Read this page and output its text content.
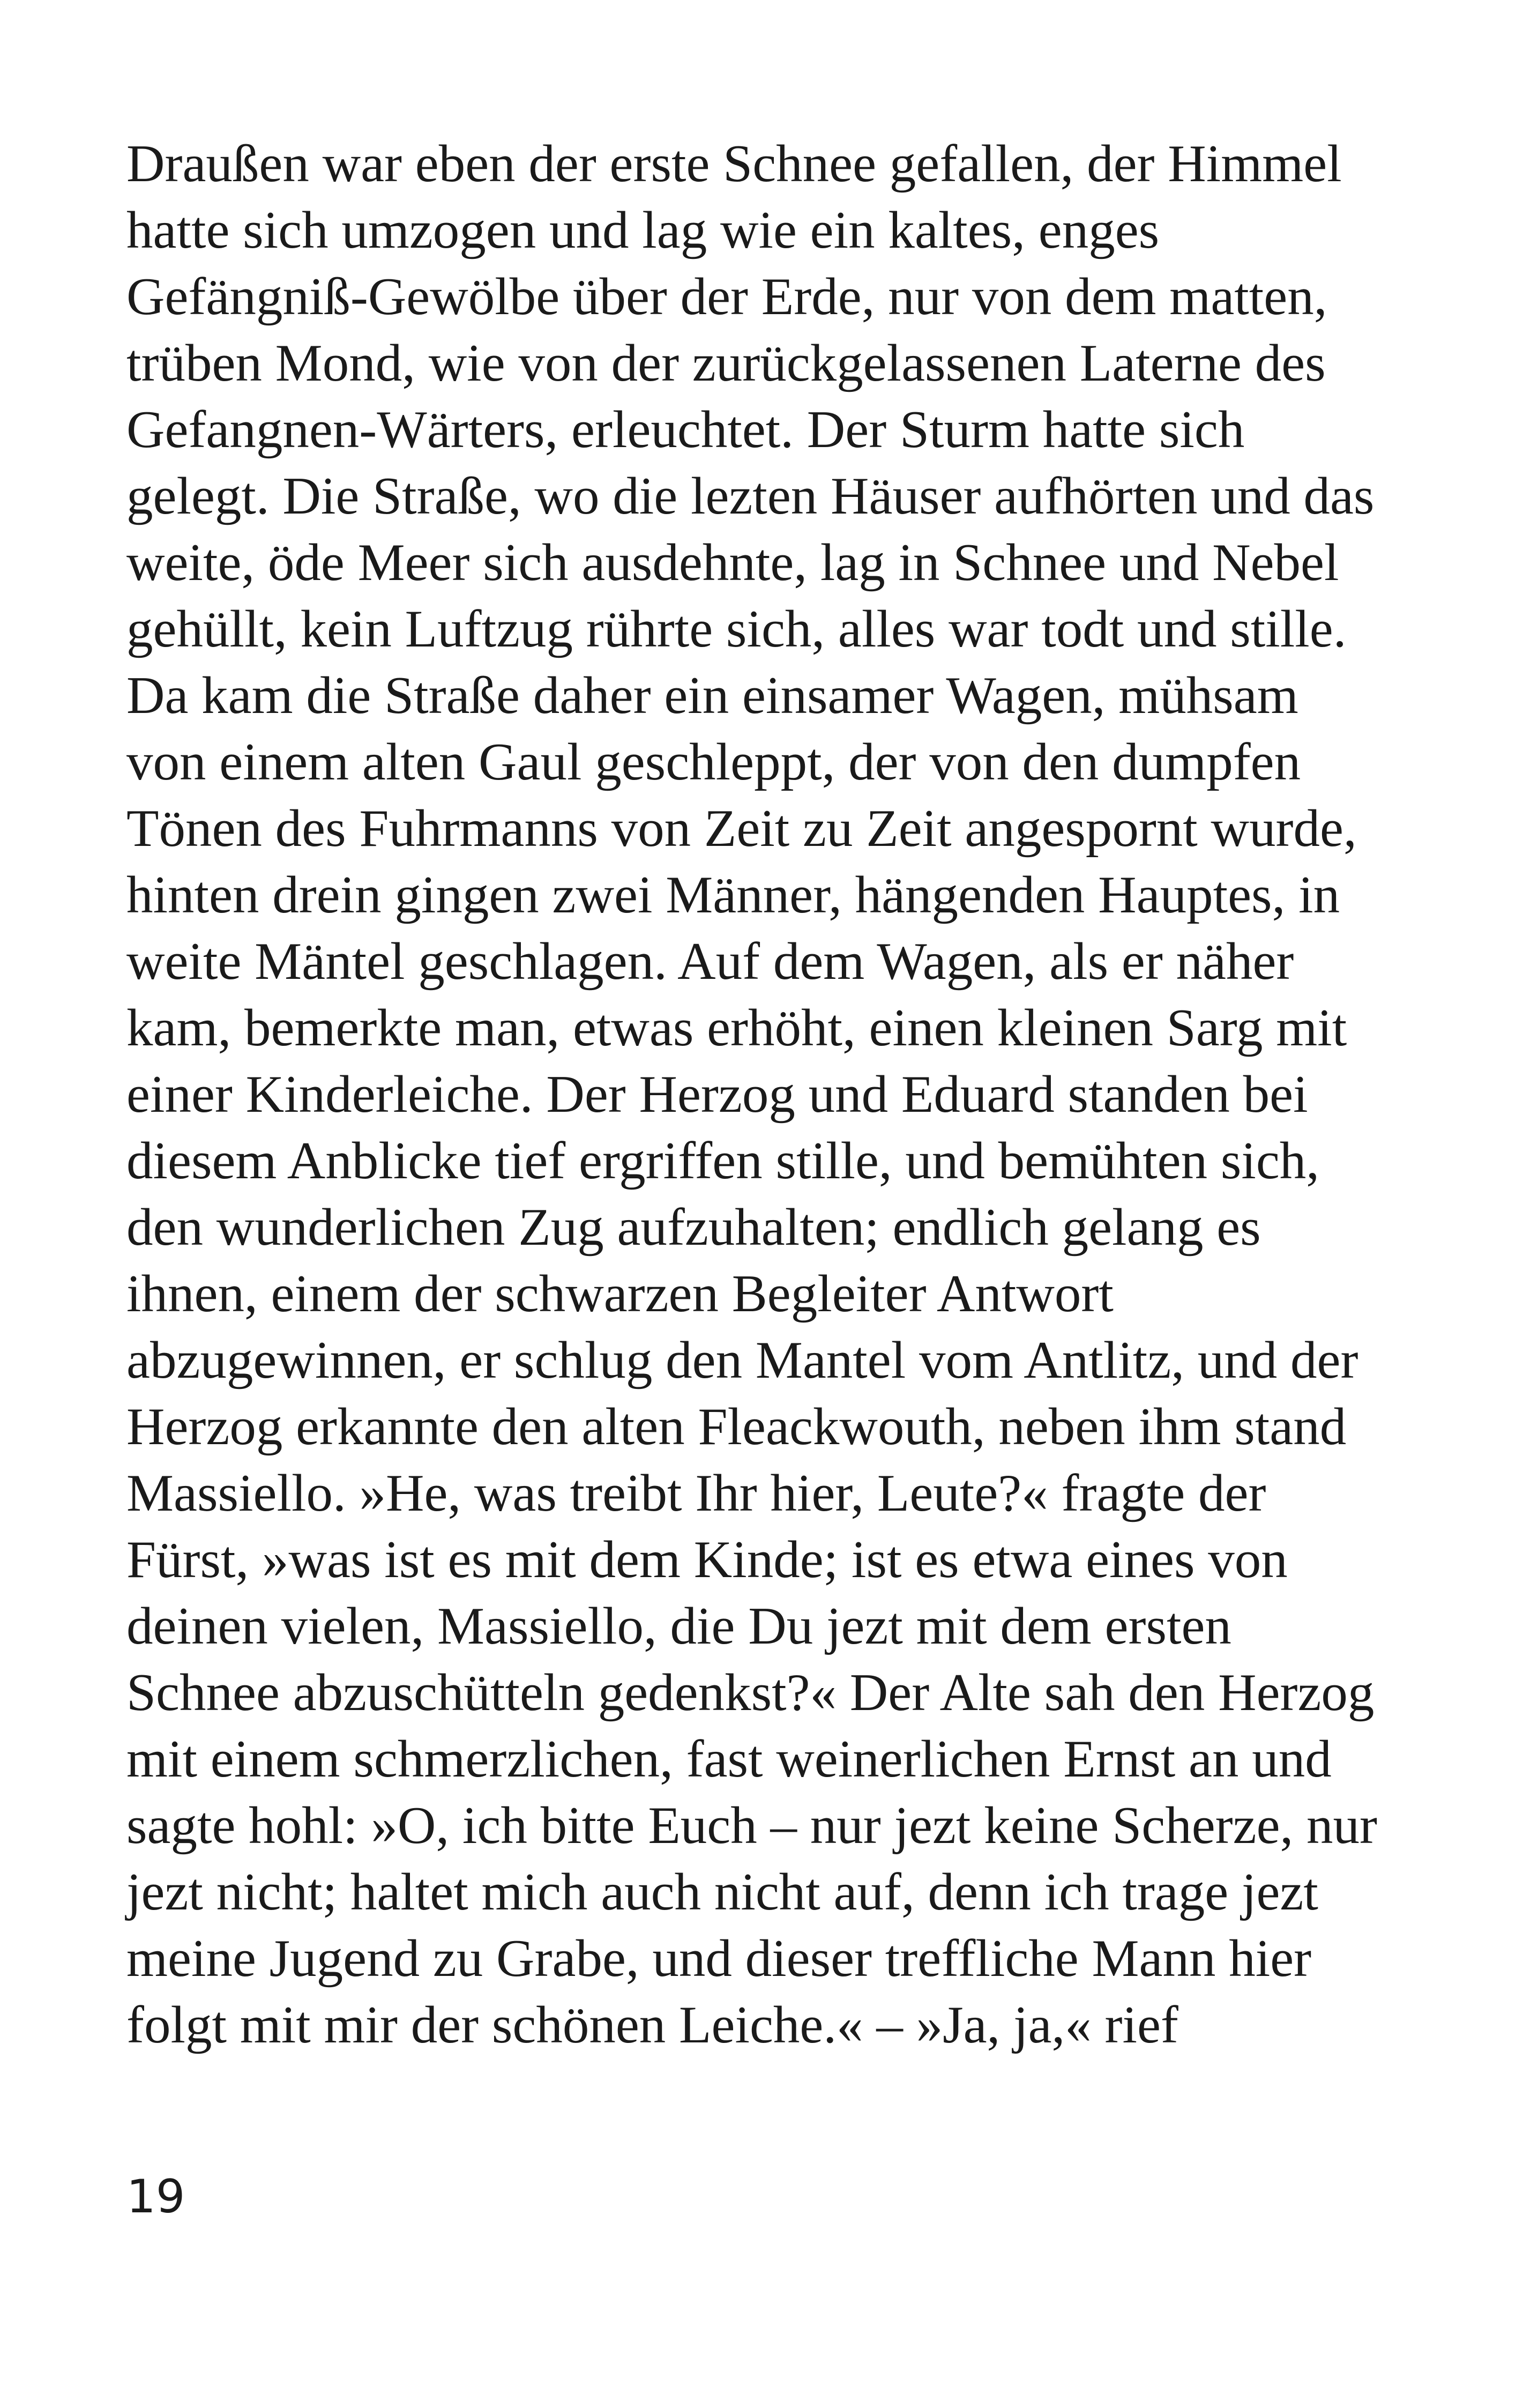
Draußen war eben der erste Schnee gefallen, der Himmel
hatte sich umzogen und lag wie ein kaltes, enges
Gefängniß-Gewölbe über der Erde, nur von dem matten,
trüben Mond, wie von der zurückgelassenen Laterne des
Gefangnen-Wärters, erleuchtet. Der Sturm hatte sich
gelegt. Die Straße, wo die lezten Häuser aufhörten und das
weite, öde Meer sich ausdehnte, lag in Schnee und Nebel
gehüllt, kein Luftzug rührte sich, alles war todt und stille.
Da kam die Straße daher ein einsamer Wagen, mühsam
von einem alten Gaul geschleppt, der von den dumpfen
Tönen des Fuhrmanns von Zeit zu Zeit angespornt wurde,
hinten drein gingen zwei Männer, hängenden Hauptes, in
weite Mäntel geschlagen. Auf dem Wagen, als er näher
kam, bemerkte man, etwas erhöht, einen kleinen Sarg mit
einer Kinderleiche. Der Herzog und Eduard standen bei
diesem Anblicke tief ergriffen stille, und bemühten sich,
den wunderlichen Zug aufzuhalten; endlich gelang es
ihnen, einem der schwarzen Begleiter Antwort
abzugewinnen, er schlug den Mantel vom Antlitz, und der
Herzog erkannte den alten Fleackwouth, neben ihm stand
Massiello. »He, was treibt Ihr hier, Leute?« fragte der
Fürst, »was ist es mit dem Kinde; ist es etwa eines von
deinen vielen, Massiello, die Du jezt mit dem ersten
Schnee abzuschütteln gedenkst?« Der Alte sah den Herzog
mit einem schmerzlichen, fast weinerlichen Ernst an und
sagte hohl: »O, ich bitte Euch – nur jezt keine Scherze, nur
jezt nicht; haltet mich auch nicht auf, denn ich trage jezt
meine Jugend zu Grabe, und dieser treffliche Mann hier
folgt mit mir der schönen Leiche.« – »Ja, ja,« rief
19
